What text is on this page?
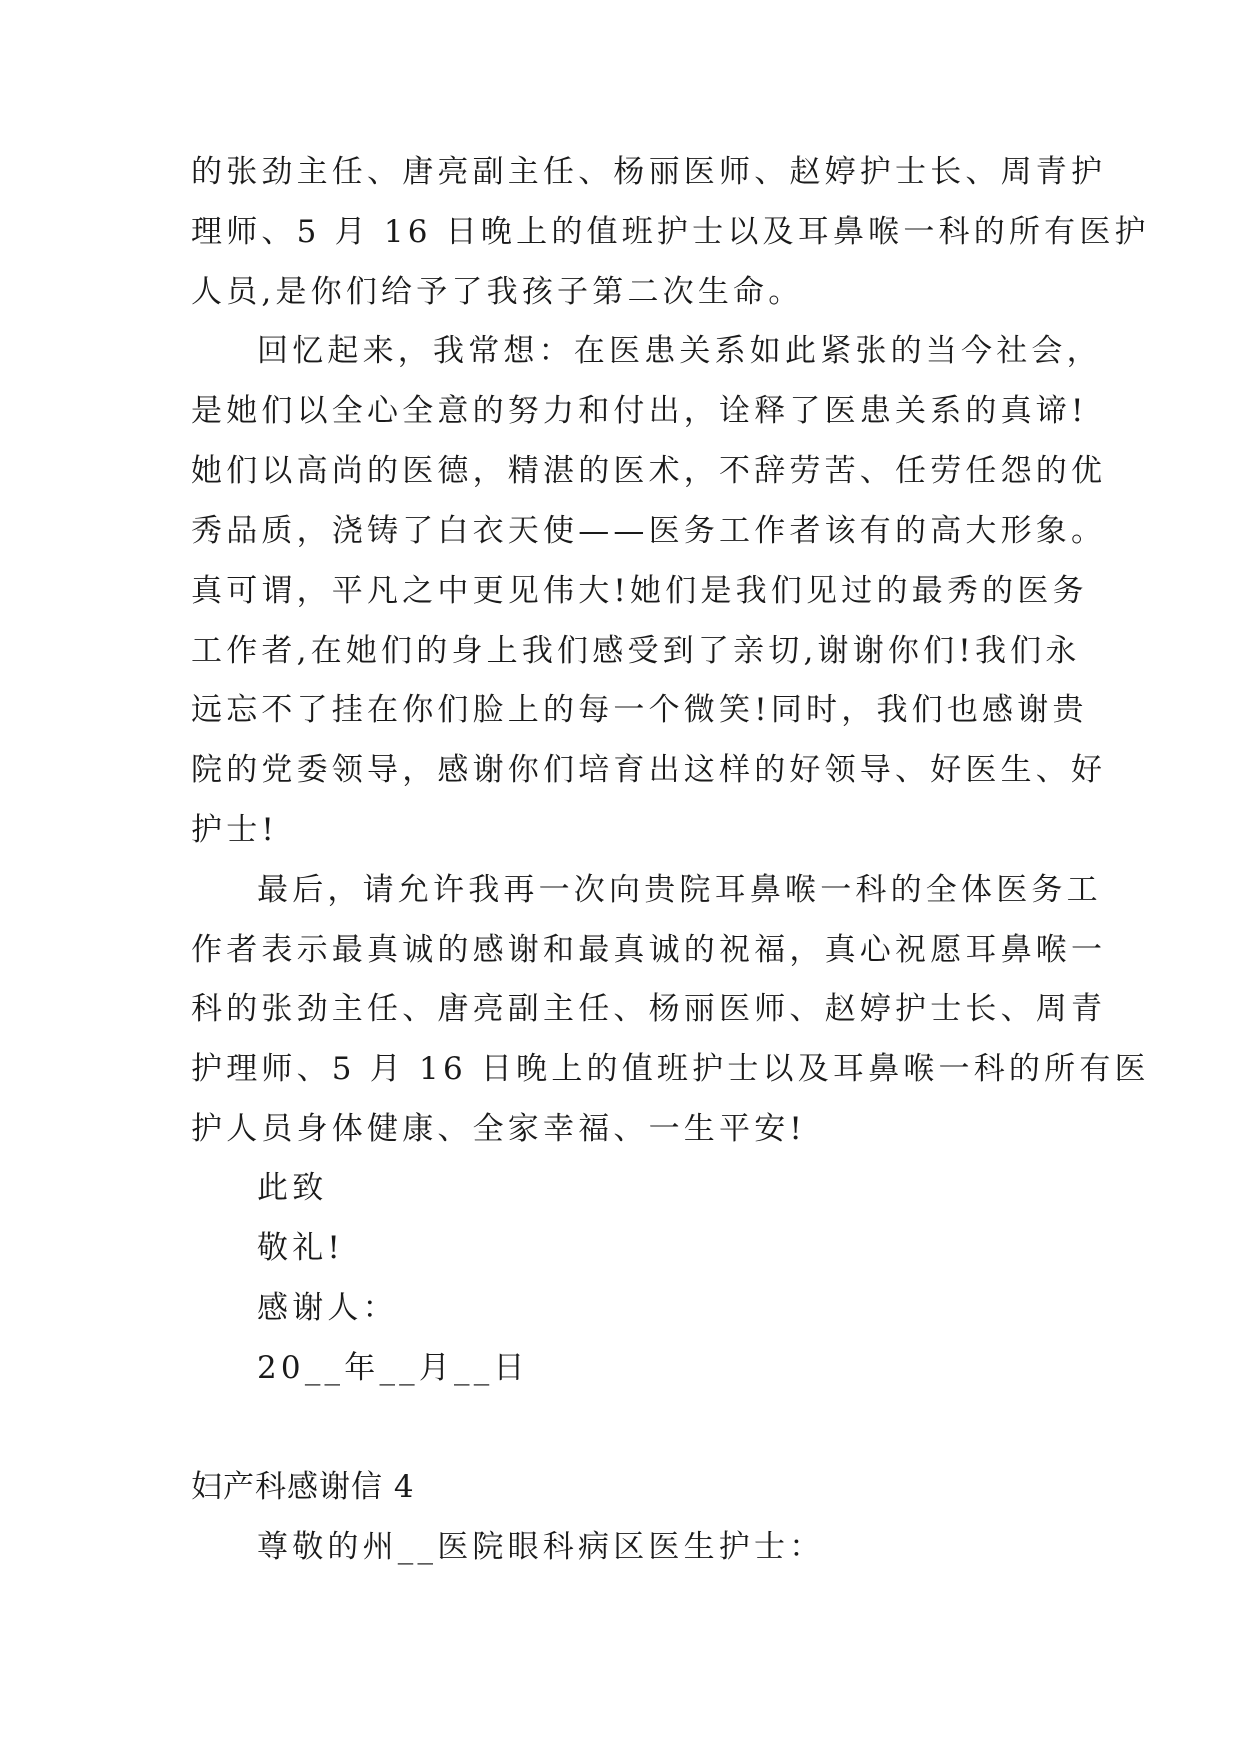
的张劲主任、唐亮副主任、杨丽医师、赵婷护士长、周青护
理师、5 月 16 日晚上的值班护士以及耳鼻喉一科的所有医护
人员,是你们给予了我孩子第二次生命。
回忆起来，我常想：在医患关系如此紧张的当今社会，
是她们以全心全意的努力和付出，诠释了医患关系的真谛!
她们以高尚的医德，精湛的医术，不辞劳苦、任劳任怨的优
秀品质，浇铸了白衣天使——医务工作者该有的高大形象。
真可谓，平凡之中更见伟大!她们是我们见过的最秀的医务
工作者,在她们的身上我们感受到了亲切,谢谢你们!我们永
远忘不了挂在你们脸上的每一个微笑!同时，我们也感谢贵
院的党委领导，感谢你们培育出这样的好领导、好医生、好
护士!
最后，请允许我再一次向贵院耳鼻喉一科的全体医务工
作者表示最真诚的感谢和最真诚的祝福，真心祝愿耳鼻喉一
科的张劲主任、唐亮副主任、杨丽医师、赵婷护士长、周青
护理师、5 月 16 日晚上的值班护士以及耳鼻喉一科的所有医
护人员身体健康、全家幸福、一生平安!
此致
敬礼!
感谢人：
20__年__月__日
妇产科感谢信 4
尊敬的州__医院眼科病区医生护士：
